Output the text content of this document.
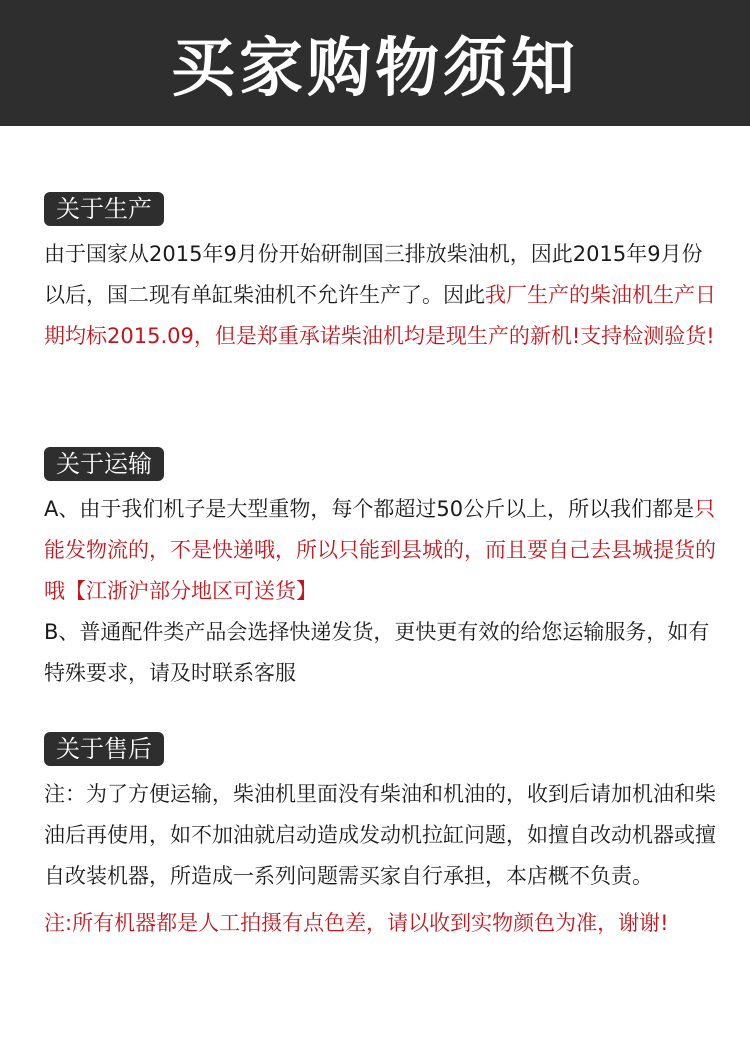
买家购物须知
关于生产

由于国家从2015年9月份开始研制国三排放柴油机，因此2015年9月份以后，国二现有单缸柴油机不允许生产了。因此我厂生产的柴油机生产日期均标2015.09，但是郑重承诺柴油机均是现生产的新机!支持检测验货!

关于运输

A、由于我们机子是大型重物，每个都超过50公斤以上，所以我们都是只能发物流的，不是快递哦，所以只能到县城的，而且要自己去县城提货的哦【江浙沪部分地区可送货】

B、普通配件类产品会选择快递发货，更快更有效的给您运输服务，如有特殊要求，请及时联系客服

关于售后

注：为了方便运输，柴油机里面没有柴油和机油的，收到后请加机油和柴油后再使用，如不加油就启动造成发动机拉缸问题，如擅自改动机器或擅自改装机器，所造成一系列问题需买家自行承担，本店概不负责。

注:所有机器都是人工拍摄有点色差，请以收到实物颜色为准，谢谢!
